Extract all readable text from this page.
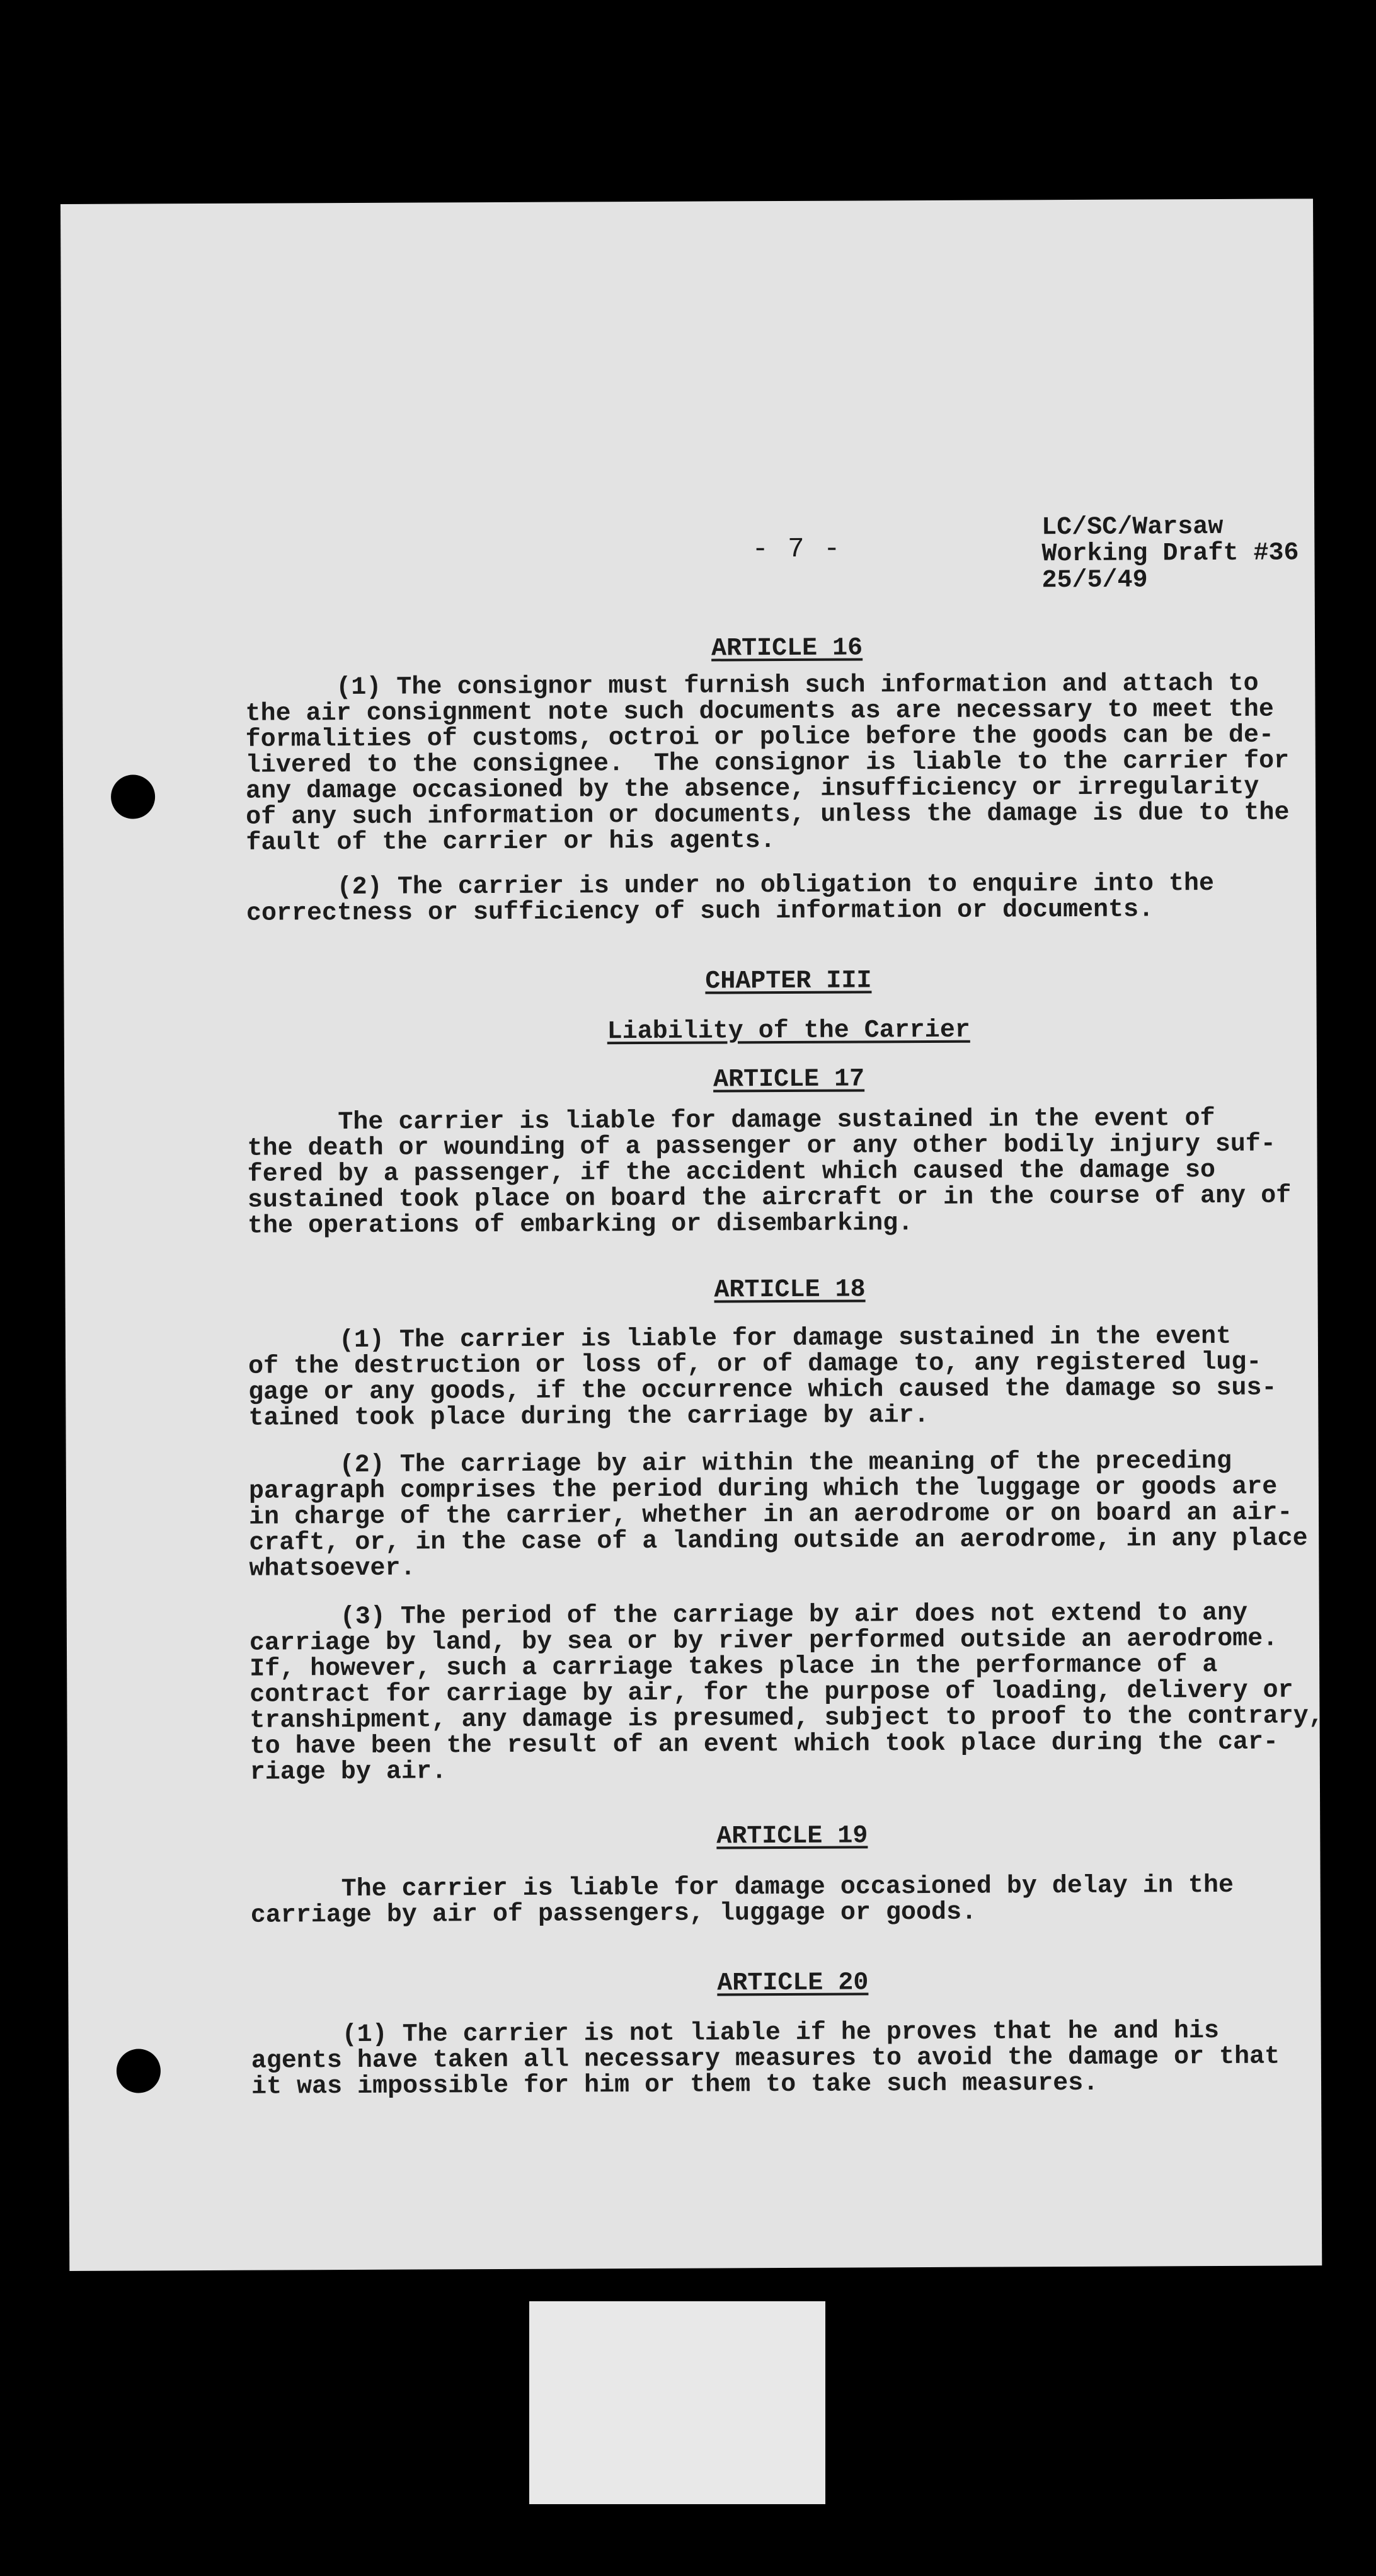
- 7 -
LC/SC/Warsaw
Working Draft #36
25/5/49

ARTICLE 16

(1) The consignor must furnish such information and attach to
the air consignment note such documents as are necessary to meet the
formalities of customs, octroi or police before the goods can be de-
livered to the consignee.  The consignor is liable to the carrier for
any damage occasioned by the absence, insufficiency or irregularity
of any such information or documents, unless the damage is due to the
fault of the carrier or his agents.

(2) The carrier is under no obligation to enquire into the
correctness or sufficiency of such information or documents.

CHAPTER III

Liability of the Carrier

ARTICLE 17

The carrier is liable for damage sustained in the event of
the death or wounding of a passenger or any other bodily injury suf-
fered by a passenger, if the accident which caused the damage so
sustained took place on board the aircraft or in the course of any of
the operations of embarking or disembarking.

ARTICLE 18

(1) The carrier is liable for damage sustained in the event
of the destruction or loss of, or of damage to, any registered lug-
gage or any goods, if the occurrence which caused the damage so sus-
tained took place during the carriage by air.

(2) The carriage by air within the meaning of the preceding
paragraph comprises the period during which the luggage or goods are
in charge of the carrier, whether in an aerodrome or on board an air-
craft, or, in the case of a landing outside an aerodrome, in any place
whatsoever.

(3) The period of the carriage by air does not extend to any
carriage by land, by sea or by river performed outside an aerodrome.
If, however, such a carriage takes place in the performance of a
contract for carriage by air, for the purpose of loading, delivery or
transhipment, any damage is presumed, subject to proof to the contrary,
to have been the result of an event which took place during the car-
riage by air.

ARTICLE 19

The carrier is liable for damage occasioned by delay in the
carriage by air of passengers, luggage or goods.

ARTICLE 20

(1) The carrier is not liable if he proves that he and his
agents have taken all necessary measures to avoid the damage or that
it was impossible for him or them to take such measures.
